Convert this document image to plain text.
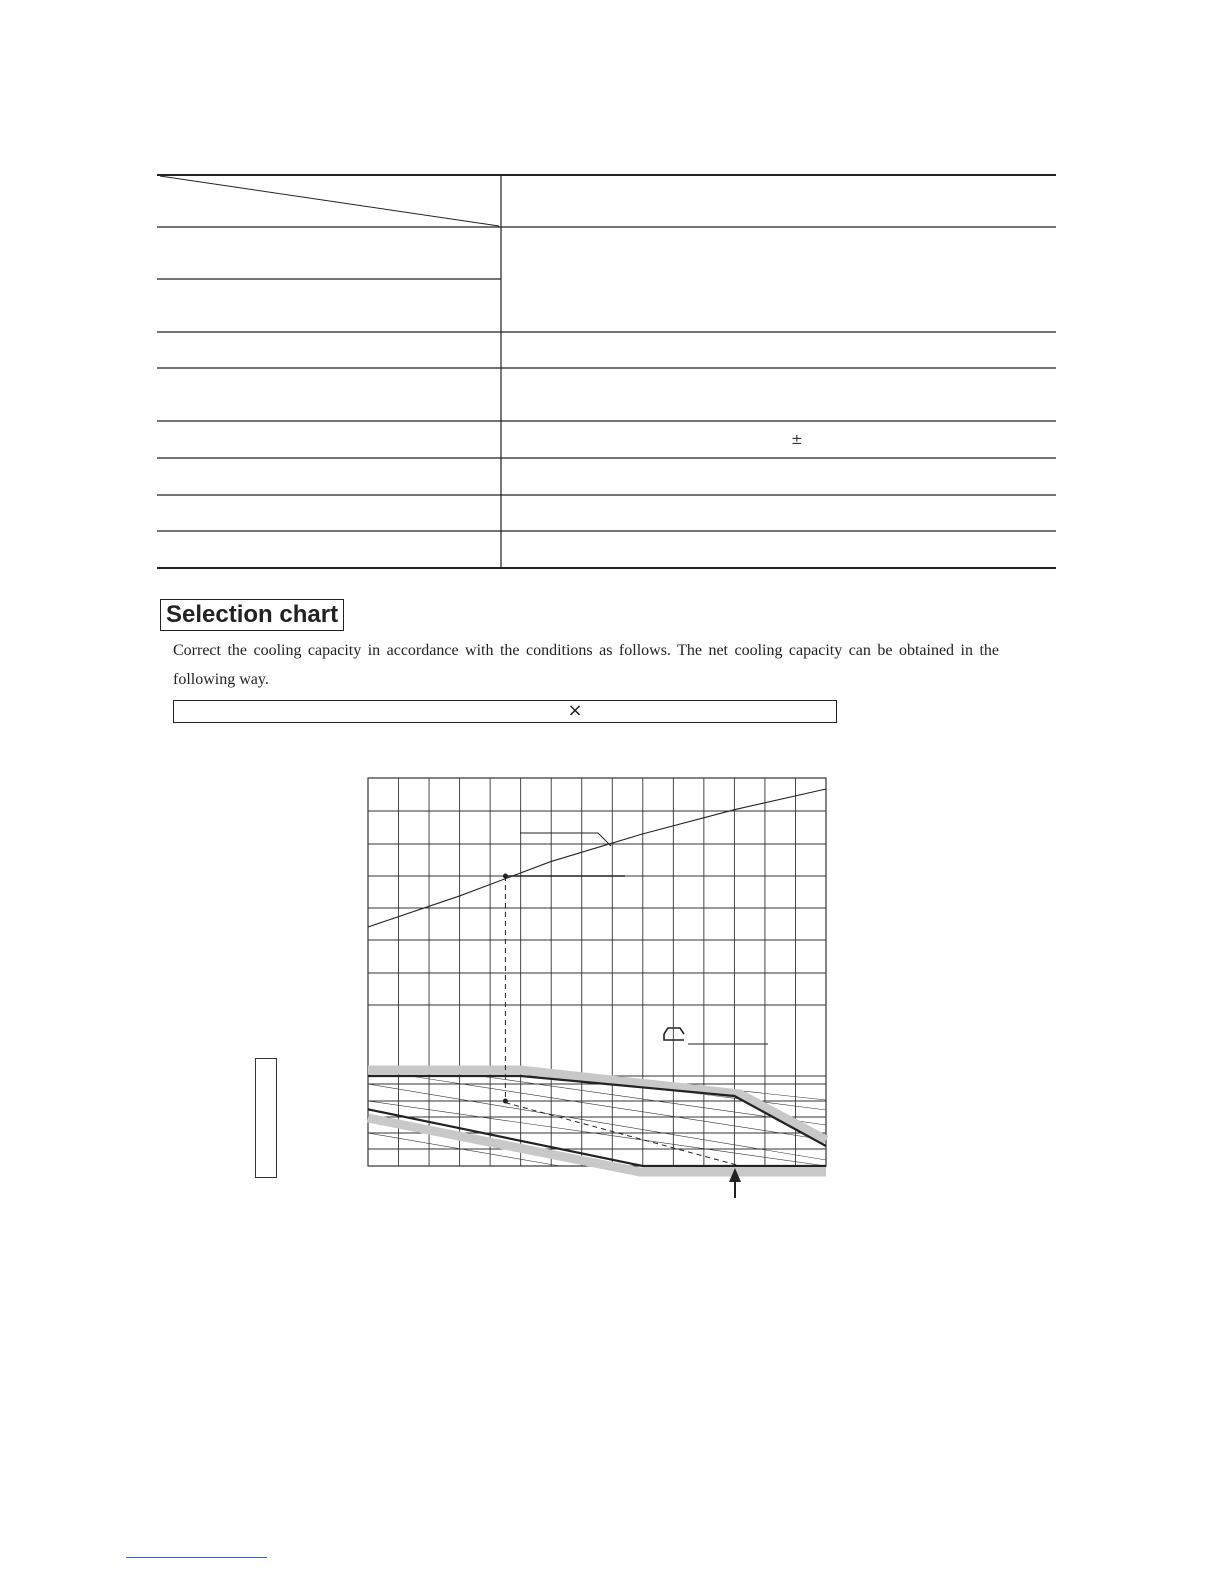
±
Selection chart
Correct the cooling capacity in accordance with the conditions as follows. The net cooling capacity can be obtained in the
following way.
×
